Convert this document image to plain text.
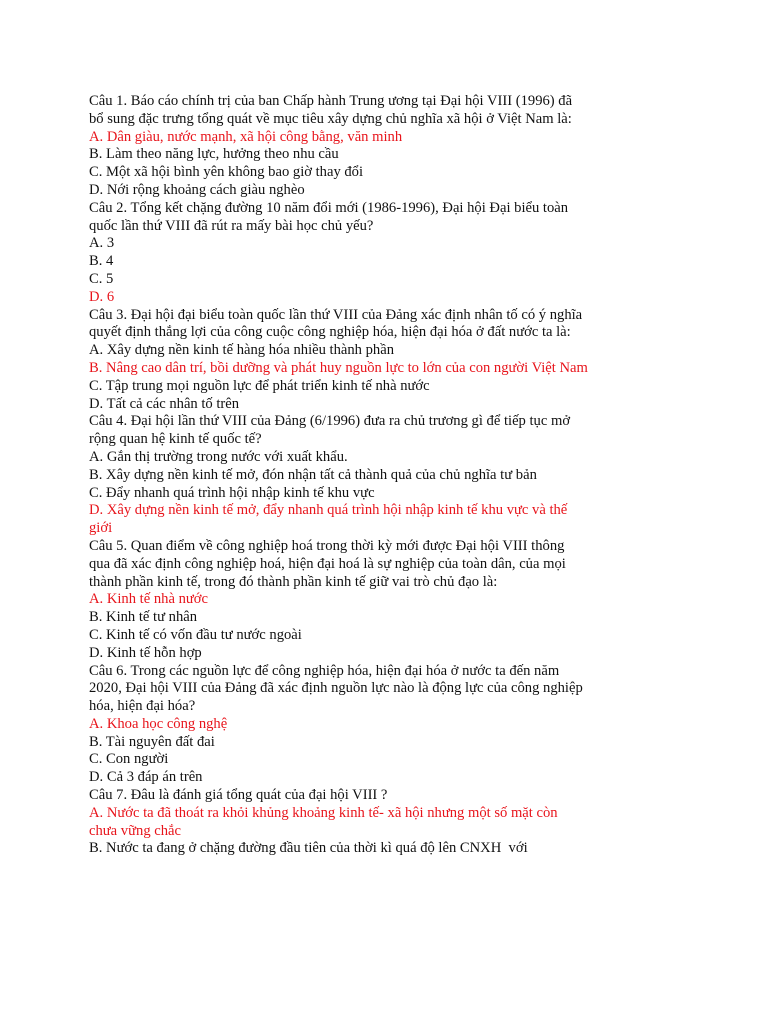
Câu 1. Báo cáo chính trị của ban Chấp hành Trung ương tại Đại hội VIII (1996) đã bổ sung đặc trưng tổng quát về mục tiêu xây dựng chủ nghĩa xã hội ở Việt Nam là:
A. Dân giàu, nước mạnh, xã hội công bằng, văn minh
B. Làm theo năng lực, hưởng theo nhu cầu
C. Một xã hội bình yên không bao giờ thay đổi
D. Nới rộng khoảng cách giàu nghèo
Câu 2. Tổng kết chặng đường 10 năm đổi mới (1986-1996), Đại hội Đại biểu toàn quốc lần thứ VIII đã rút ra mấy bài học chủ yếu?
A. 3
B. 4
C. 5
D. 6
Câu 3. Đại hội đại biểu toàn quốc lần thứ VIII của Đảng xác định nhân tố có ý nghĩa quyết định thắng lợi của công cuộc công nghiệp hóa, hiện đại hóa ở đất nước ta là:
A. Xây dựng nền kinh tế hàng hóa nhiều thành phần
B. Nâng cao dân trí, bồi dưỡng và phát huy nguồn lực to lớn của con người Việt Nam
C. Tập trung mọi nguồn lực để phát triển kinh tế nhà nước
D. Tất cả các nhân tố trên
Câu 4. Đại hội lần thứ VIII của Đảng (6/1996) đưa ra chủ trương gì để tiếp tục mở rộng quan hệ kinh tế quốc tế?
A. Gắn thị trường trong nước với xuất khẩu.
B. Xây dựng nền kinh tế mở, đón nhận tất cả thành quả của chủ nghĩa tư bản
C. Đẩy nhanh quá trình hội nhập kinh tế khu vực
D. Xây dựng nền kinh tế mở, đẩy nhanh quá trình hội nhập kinh tế khu vực và thế giới
Câu 5. Quan điểm về công nghiệp hoá trong thời kỳ mới được Đại hội VIII thông qua đã xác định công nghiệp hoá, hiện đại hoá là sự nghiệp của toàn dân, của mọi thành phần kinh tế, trong đó thành phần kinh tế giữ vai trò chủ đạo là:
A. Kinh tế nhà nước
B. Kinh tế tư nhân
C. Kinh tế có vốn đầu tư nước ngoài
D. Kinh tế hỗn hợp
Câu 6. Trong các nguồn lực để công nghiệp hóa, hiện đại hóa ở nước ta đến năm 2020, Đại hội VIII của Đảng đã xác định nguồn lực nào là động lực của công nghiệp hóa, hiện đại hóa?
A. Khoa học công nghệ
B. Tài nguyên đất đai
C. Con người
D. Cả 3 đáp án trên
Câu 7. Đâu là đánh giá tổng quát của đại hội VIII ?
A. Nước ta đã thoát ra khỏi khủng khoảng kinh tế- xã hội nhưng một số mặt còn chưa vững chắc
B. Nước ta đang ở chặng đường đầu tiên của thời kì quá độ lên CNXH  với
